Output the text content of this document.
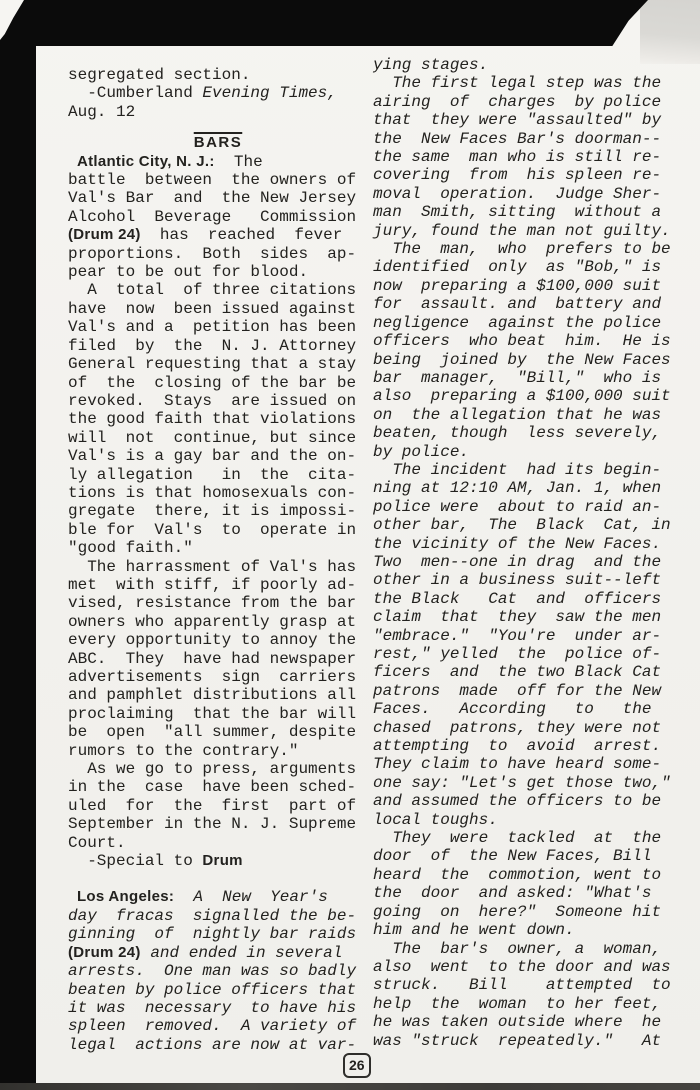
segregated section.
-Cumberland Evening Times,
Aug. 12
BARS
Atlantic City, N. J.:  The
battle  between  the owners of
Val's Bar  and  the New Jersey
Alcohol  Beverage   Commission
(Drum 24)  has  reached  fever
proportions.  Both  sides  ap-
pear to be out for blood.
A  total  of three citations
have  now  been issued against
Val's and a  petition has been
filed  by  the  N. J. Attorney
General requesting that a stay
of  the  closing of the bar be
revoked.  Stays  are issued on
the good faith that violations
will  not  continue, but since
Val's is a gay bar and the on-
ly allegation   in  the  cita-
tions is that homosexuals con-
gregate  there, it is impossi-
ble for  Val's  to  operate in
"good faith."
The harrassment of Val's has
met  with stiff, if poorly ad-
vised, resistance from the bar
owners who apparently grasp at
every opportunity to annoy the
ABC.  They  have had newspaper
advertisements  sign  carriers
and pamphlet distributions all
proclaiming  that the bar will
be  open  "all summer, despite
rumors to the contrary."
As we go to press, arguments
in the  case  have been sched-
uled  for  the  first  part of
September in the N. J. Supreme
Court.
-Special to Drum
Los Angeles:  A  New  Year's
day  fracas  signalled the be-
ginning  of  nightly bar raids
(Drum 24) and ended in several
arrests.  One man was so badly
beaten by police officers that
it was  necessary  to have his
spleen  removed.  A variety of
legal  actions are now at var-
ying stages.
The first legal step was the
airing  of  charges  by police
that  they were "assaulted" by
the  New Faces Bar's doorman--
the same  man who is still re-
covering  from  his spleen re-
moval  operation.  Judge Sher-
man  Smith, sitting  without a
jury, found the man not guilty.
The  man,  who  prefers to be
identified  only  as "Bob," is
now  preparing a $100,000 suit
for  assault. and  battery and
negligence  against the police
officers  who beat  him.  He is
being  joined by  the New Faces
bar  manager,  "Bill,"  who is
also  preparing a $100,000 suit
on  the allegation that he was
beaten, though  less severely,
by police.
The incident  had its begin-
ning at 12:10 AM, Jan. 1, when
police were  about to raid an-
other bar,  The  Black  Cat, in
the vicinity of the New Faces.
Two  men--one in drag  and the
other in a business suit--left
the Black   Cat  and  officers
claim  that  they  saw the men
"embrace."  "You're  under ar-
rest," yelled  the  police of-
ficers  and  the two Black Cat
patrons  made  off for the New
Faces.   According   to   the
chased  patrons, they were not
attempting  to  avoid  arrest.
They claim to have heard some-
one say: "Let's get those two,"
and assumed the officers to be
local toughs.
They  were  tackled  at  the
door  of  the New Faces, Bill
heard  the  commotion, went to
the  door  and asked: "What's
going  on  here?"  Someone hit
him and he went down.
The  bar's  owner, a  woman,
also  went  to the door and was
struck.   Bill    attempted  to
help  the  woman  to her feet,
he was taken outside where  he
was "struck  repeatedly."   At
26
